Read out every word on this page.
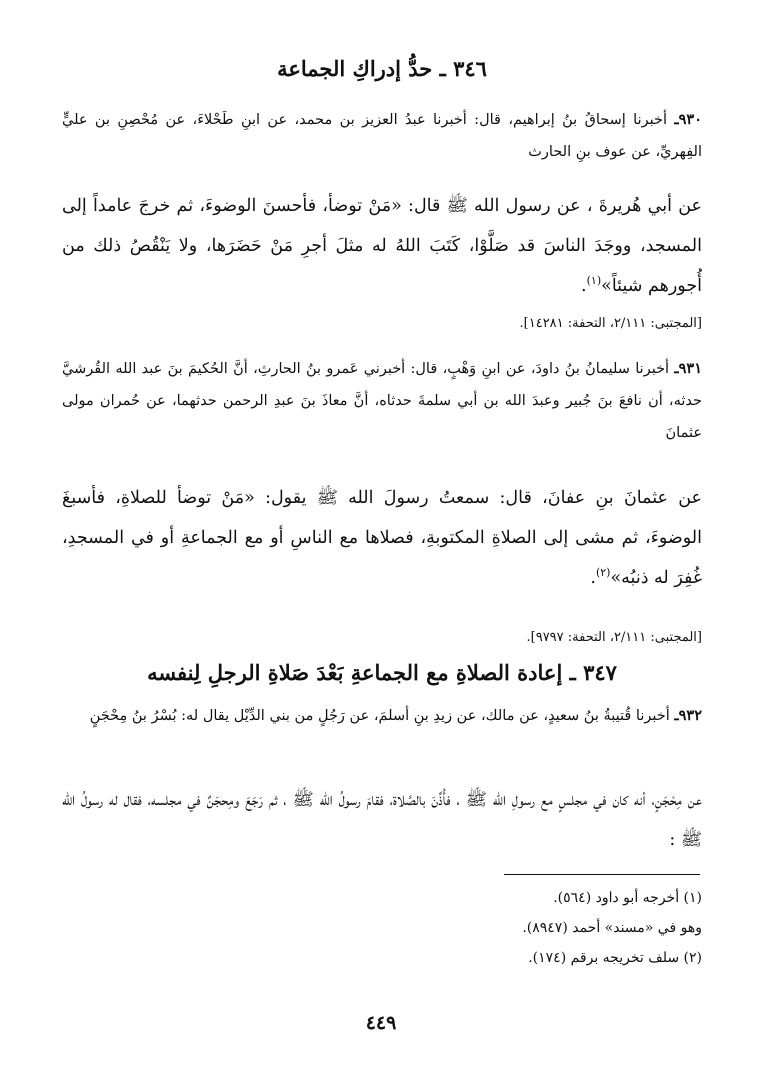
٣٤٦ ـ حدُّ إدراكِ الجماعة

٩٣٠ـ أخبرنا إسحاقُ بنُ إبراهيم، قال: أخبرنا عبدُ العزيز بن محمد، عن ابنِ طَحْلاءَ، عن مُحْصِنِ بن عليٍّ الفِهريِّ، عن عوف بنِ الحارث

عن أبي هُريرةَ ، عن رسول الله ﷺ قال: «مَنْ توضأ، فأحسنَ الوضوءَ، ثم خرجَ عامداً إلى المسجد، ووجَدَ الناسَ قد صَلَّوْا، كَتَبَ اللهُ له مثلَ أجرِ مَنْ حَضَرَها، ولا يَنْقُصُ ذلك من أُجورهم شيئاً»$^{(١)}$.

[المجتبى: ٢/١١١، التحفة: ١٤٢٨١].

٩٣١ـ أخبرنا سليمانُ بنُ داودَ، عن ابنِ وَهْبٍ، قال: أخبرني عَمرو بنُ الحارثِ، أنَّ الحُكيمَ بنَ عبد الله القُرشيَّ حدثه، أن نافعَ بنَ جُبير وعبدَ الله بن أبي سلمةَ حدثاه، أنَّ معاذَ بنَ عبدِ الرحمن حدثهما، عن حُمران مولى عثمانَ

عن عثمانَ بنِ عفانَ، قال: سمعتُ رسولَ الله ﷺ يقول: «مَنْ توضأ للصلاةِ، فأسبغَ الوضوءَ، ثم مشى إلى الصلاةِ المكتوبةِ، فصلاها مع الناسِ أو مع الجماعةِ أو في المسجدِ، غُفِرَ له ذنبُه»$^{(٢)}$.

[المجتبى: ٢/١١١، التحفة: ٩٧٩٧].

٣٤٧ ـ إعادة الصلاةِ مع الجماعةِ بَعْدَ صَلاةِ الرجلِ لِنفسه

٩٣٢ـ أخبرنا قُتيبةُ بنُ سعيدٍ، عن مالك، عن زيدِ بنِ أسلمَ، عن رَجُلٍ من بني الدِّيْل يقال له: بُسْرُ بنُ مِحْجَنٍ

عن مِحْجَنٍ، أنه كان في مجلسٍ مع رسولِ الله ﷺ ، فأُذِّنَ بالصَّلاة، فقامَ رسولُ الله ﷺ ، ثم رَجَعَ ومِحجَنٌ في مجلسه، فقال له رسولُ الله ﷺ :

(١) أخرجه أبو داود (٥٦٤).

وهو في «مسند» أحمد (٨٩٤٧).

(٢) سلف تخريجه برقم (١٧٤).

٤٤٩
